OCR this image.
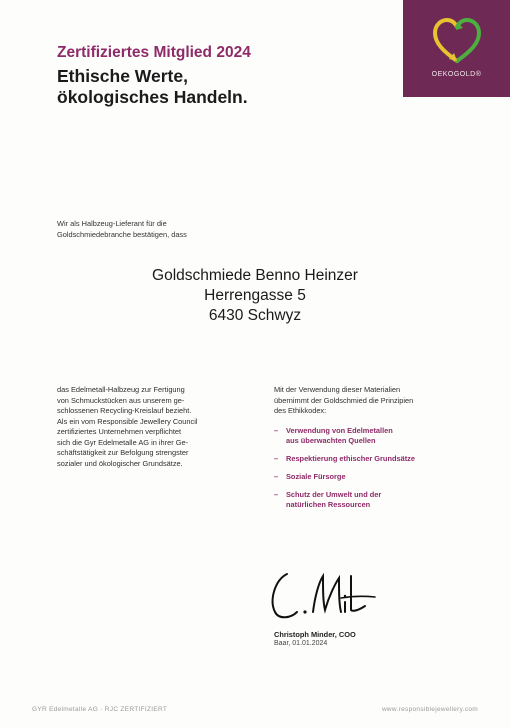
OEKOGOLD®
Zertifiziertes Mitglied 2024
Ethische Werte,
ökologisches Handeln.
Wir als Halbzeug-Lieferant für die
Goldschmiedebranche bestätigen, dass
Goldschmiede Benno Heinzer
Herrengasse 5
6430 Schwyz
das Edelmetall-Halbzeug zur Fertigung
von Schmuckstücken aus unserem ge-
schlossenen Recycling-Kreislauf bezieht.
Als ein vom Responsible Jewellery Council
zertifiziertes Unternehmen verpflichtet
sich die Gyr Edelmetalle AG in ihrer Ge-
schäftstätigkeit zur Befolgung strengster
sozialer und ökologischer Grundsätze.
Mit der Verwendung dieser Materialien
übernimmt der Goldschmied die Prinzipien
des Ethikkodex:
– Verwendung von Edelmetallen
aus überwachten Quellen
– Respektierung ethischer Grundsätze
– Soziale Fürsorge
– Schutz der Umwelt und der
natürlichen Ressourcen
Christoph Minder, COO
Baar, 01.01.2024
GYR Edelmetalle AG · RJC ZERTIFIZIERT	www.responsiblejewellery.com
